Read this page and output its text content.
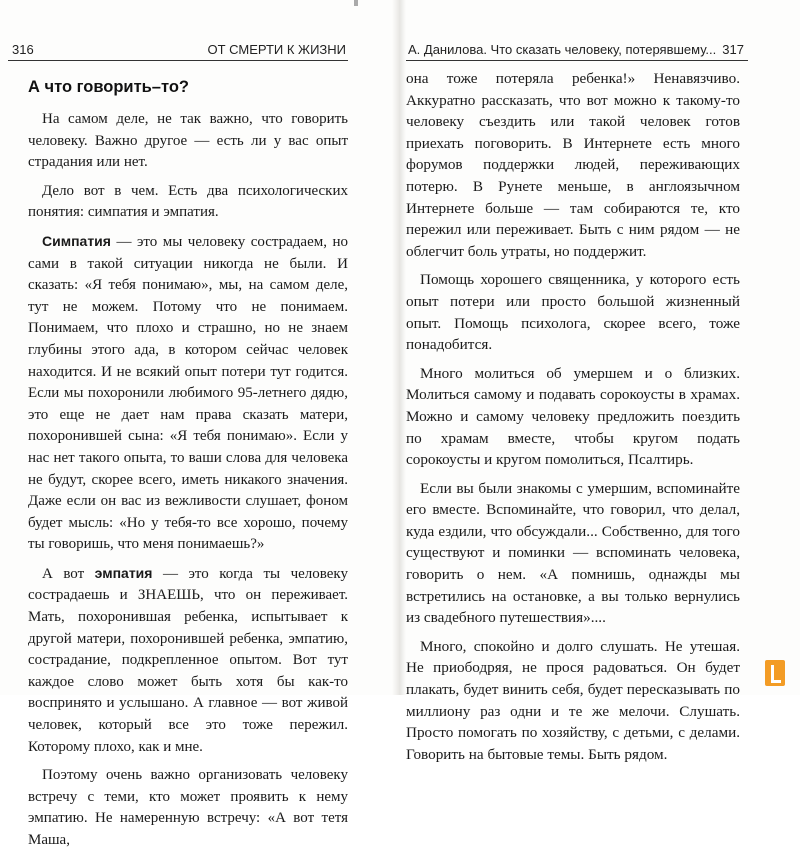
316	ОТ СМЕРТИ К ЖИЗНИ
А что говорить–то?

На самом деле, не так важно, что говорить человеку. Важно другое — есть ли у вас опыт страдания или нет.

Дело вот в чем. Есть два психологических понятия: симпатия и эмпатия.

Симпатия — это мы человеку сострадаем, но сами в такой ситуации никогда не были. И сказать: «Я тебя понимаю», мы, на самом деле, тут не можем. Потому что не понимаем. Понимаем, что плохо и страшно, но не знаем глубины этого ада, в котором сейчас человек находится. И не всякий опыт потери тут годится. Если мы похоронили любимого 95-летнего дядю, это еще не дает нам права сказать матери, похоронившей сына: «Я тебя понимаю». Если у нас нет такого опыта, то ваши слова для человека не будут, скорее всего, иметь никакого значения. Даже если он вас из вежливости слушает, фоном будет мысль: «Но у тебя-то все хорошо, почему ты говоришь, что меня понимаешь?»

А вот эмпатия — это когда ты человеку сострадаешь и ЗНАЕШЬ, что он переживает. Мать, похоронившая ребенка, испытывает к другой матери, похоронившей ребенка, эмпатию, сострадание, подкрепленное опытом. Вот тут каждое слово может быть хотя бы как-то воспринято и услышано. А главное — вот живой человек, который все это тоже пережил. Которому плохо, как и мне.

Поэтому очень важно организовать человеку встречу с теми, кто может проявить к нему эмпатию. Не намеренную встречу: «А вот тетя Маша,

А. Данилова. Что сказать человеку, потерявшему... 317

она тоже потеряла ребенка!» Ненавязчиво. Аккуратно рассказать, что вот можно к такому-то человеку съездить или такой человек готов приехать поговорить. В Интернете есть много форумов поддержки людей, переживающих потерю. В Рунете меньше, в англоязычном Интернете больше — там собираются те, кто пережил или переживает. Быть с ним рядом — не облегчит боль утраты, но поддержит.

Помощь хорошего священника, у которого есть опыт потери или просто большой жизненный опыт. Помощь психолога, скорее всего, тоже понадобится.

Много молиться об умершем и о близких. Молиться самому и подавать сорокоусты в храмах. Можно и самому человеку предложить поездить по храмам вместе, чтобы кругом подать сорокоусты и кругом помолиться, Псалтирь.

Если вы были знакомы с умершим, вспоминайте его вместе. Вспоминайте, что говорил, что делал, куда ездили, что обсуждали... Собственно, для того существуют и поминки — вспоминать человека, говорить о нем. «А помнишь, однажды мы встретились на остановке, а вы только вернулись из свадебного путешествия»....

Много, спокойно и долго слушать. Не утешая. Не приободряя, не прося радоваться. Он будет плакать, будет винить себя, будет пересказывать по миллиону раз одни и те же мелочи. Слушать. Просто помогать по хозяйству, с детьми, с делами. Говорить на бытовые темы. Быть рядом.
